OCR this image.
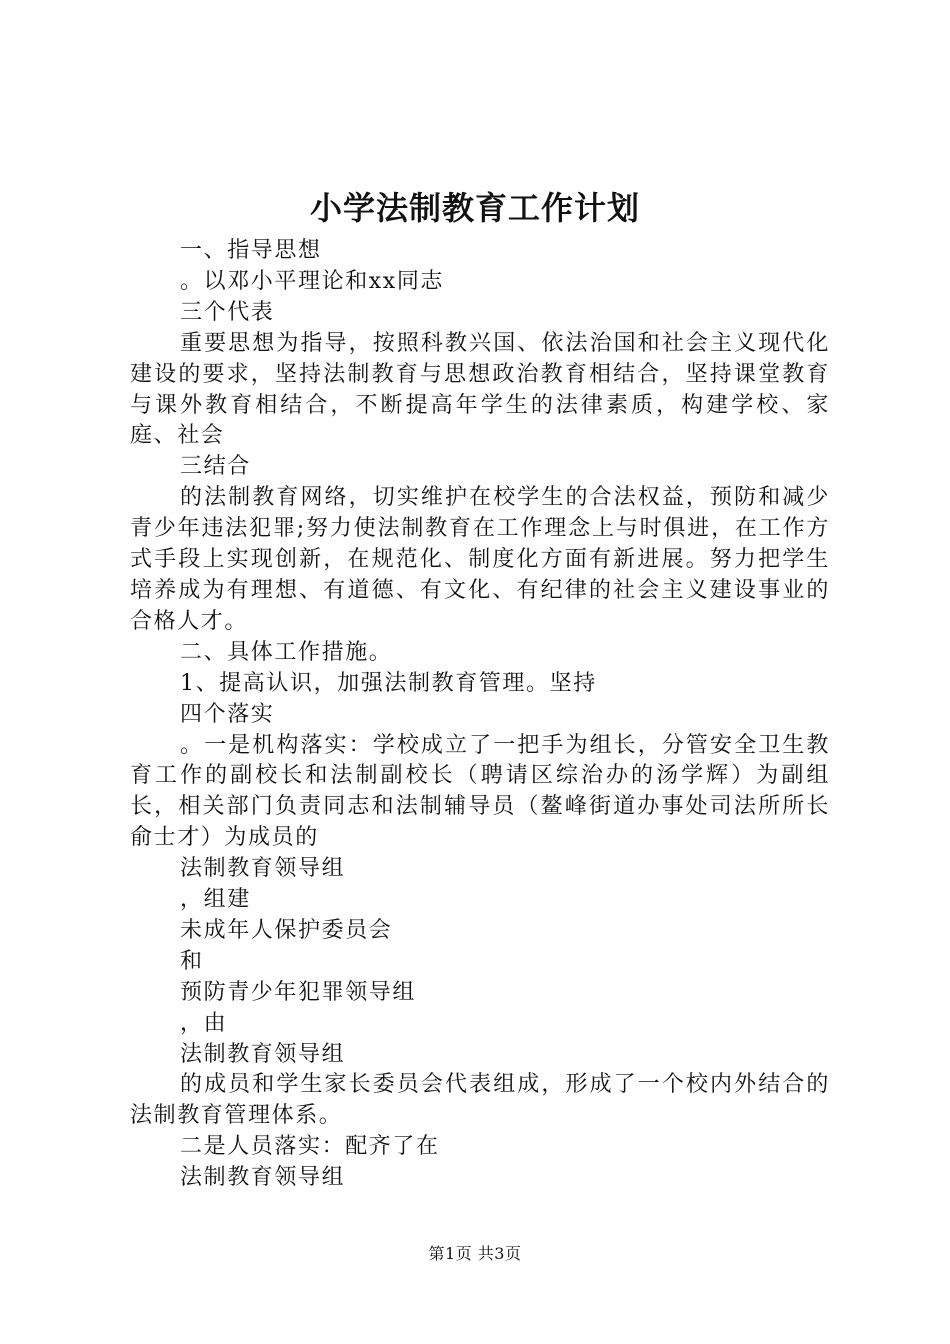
小学法制教育工作计划

一、指导思想

。以邓小平理论和xx同志

三个代表

重要思想为指导，按照科教兴国、依法治国和社会主义现代化建设的要求，坚持法制教育与思想政治教育相结合，坚持课堂教育与课外教育相结合，不断提高年学生的法律素质，构建学校、家庭、社会

三结合

的法制教育网络，切实维护在校学生的合法权益，预防和减少青少年违法犯罪;努力使法制教育在工作理念上与时俱进，在工作方式手段上实现创新，在规范化、制度化方面有新进展。努力把学生培养成为有理想、有道德、有文化、有纪律的社会主义建设事业的合格人才。

二、具体工作措施。

1、提高认识，加强法制教育管理。坚持

四个落实

。一是机构落实：学校成立了一把手为组长，分管安全卫生教育工作的副校长和法制副校长（聘请区综治办的汤学辉）为副组长，相关部门负责同志和法制辅导员（鳌峰街道办事处司法所所长俞士才）为成员的

法制教育领导组

，组建

未成年人保护委员会

和

预防青少年犯罪领导组

，由

法制教育领导组

的成员和学生家长委员会代表组成，形成了一个校内外结合的法制教育管理体系。

二是人员落实：配齐了在

法制教育领导组

第1页 共3页
